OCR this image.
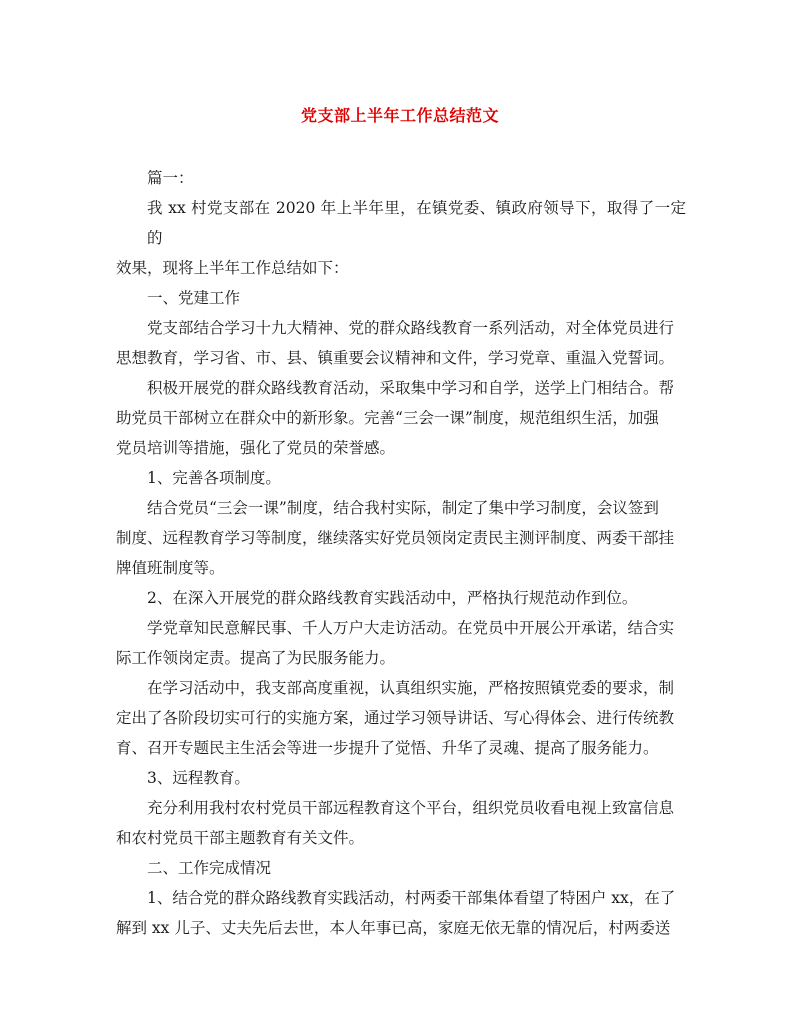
党支部上半年工作总结范文

篇一：

我 xx 村党支部在 2020 年上半年里，在镇党委、镇政府领导下，取得了一定的
效果，现将上半年工作总结如下：

一、党建工作

党支部结合学习十九大精神、党的群众路线教育一系列活动，对全体党员进行
思想教育，学习省、市、县、镇重要会议精神和文件，学习党章、重温入党誓词。

积极开展党的群众路线教育活动，采取集中学习和自学，送学上门相结合。帮
助党员干部树立在群众中的新形象。完善“三会一课”制度，规范组织生活，加强
党员培训等措施，强化了党员的荣誉感。

1、完善各项制度。

结合党员“三会一课”制度，结合我村实际，制定了集中学习制度，会议签到
制度、远程教育学习等制度，继续落实好党员领岗定责民主测评制度、两委干部挂
牌值班制度等。

2、在深入开展党的群众路线教育实践活动中，严格执行规范动作到位。

学党章知民意解民事、千人万户大走访活动。在党员中开展公开承诺，结合实
际工作领岗定责。提高了为民服务能力。

在学习活动中，我支部高度重视，认真组织实施，严格按照镇党委的要求，制
定出了各阶段切实可行的实施方案，通过学习领导讲话、写心得体会、进行传统教
育、召开专题民主生活会等进一步提升了觉悟、升华了灵魂、提高了服务能力。

3、远程教育。

充分利用我村农村党员干部远程教育这个平台，组织党员收看电视上致富信息
和农村党员干部主题教育有关文件。

二、工作完成情况

1、结合党的群众路线教育实践活动，村两委干部集体看望了特困户 xx，在了
解到 xx 儿子、丈夫先后去世，本人年事已高，家庭无依无靠的情况后，村两委送
